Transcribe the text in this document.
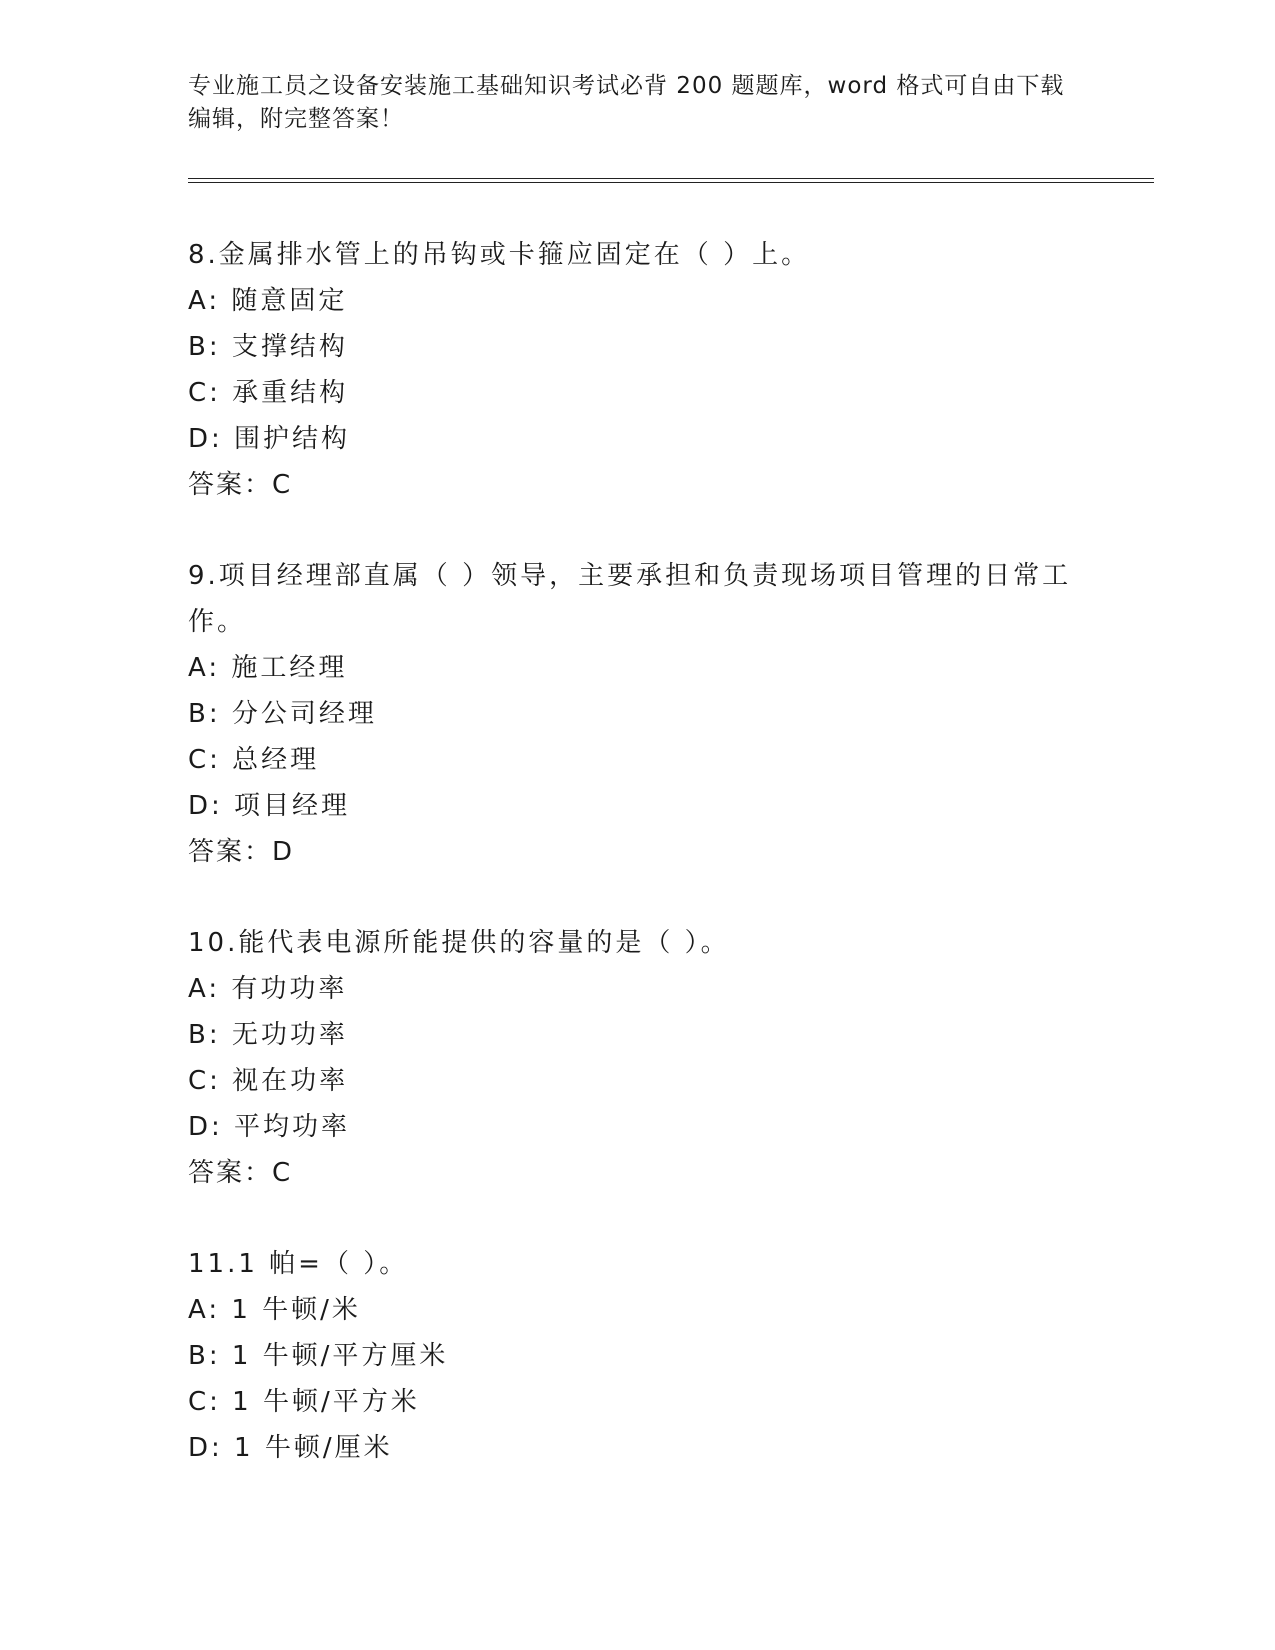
专业施工员之设备安装施工基础知识考试必背 200 题题库，word 格式可自由下载编辑，附完整答案！
8.金属排水管上的吊钩或卡箍应固定在（ ）上。
A: 随意固定
B: 支撑结构
C: 承重结构
D: 围护结构
答案：C
9.项目经理部直属（ ）领导，主要承担和负责现场项目管理的日常工作。
A: 施工经理
B: 分公司经理
C: 总经理
D: 项目经理
答案：D
10.能代表电源所能提供的容量的是（ ）。
A: 有功功率
B: 无功功率
C: 视在功率
D: 平均功率
答案：C
11.1 帕=（ ）。
A: 1 牛顿/米
B: 1 牛顿/平方厘米
C: 1 牛顿/平方米
D: 1 牛顿/厘米
